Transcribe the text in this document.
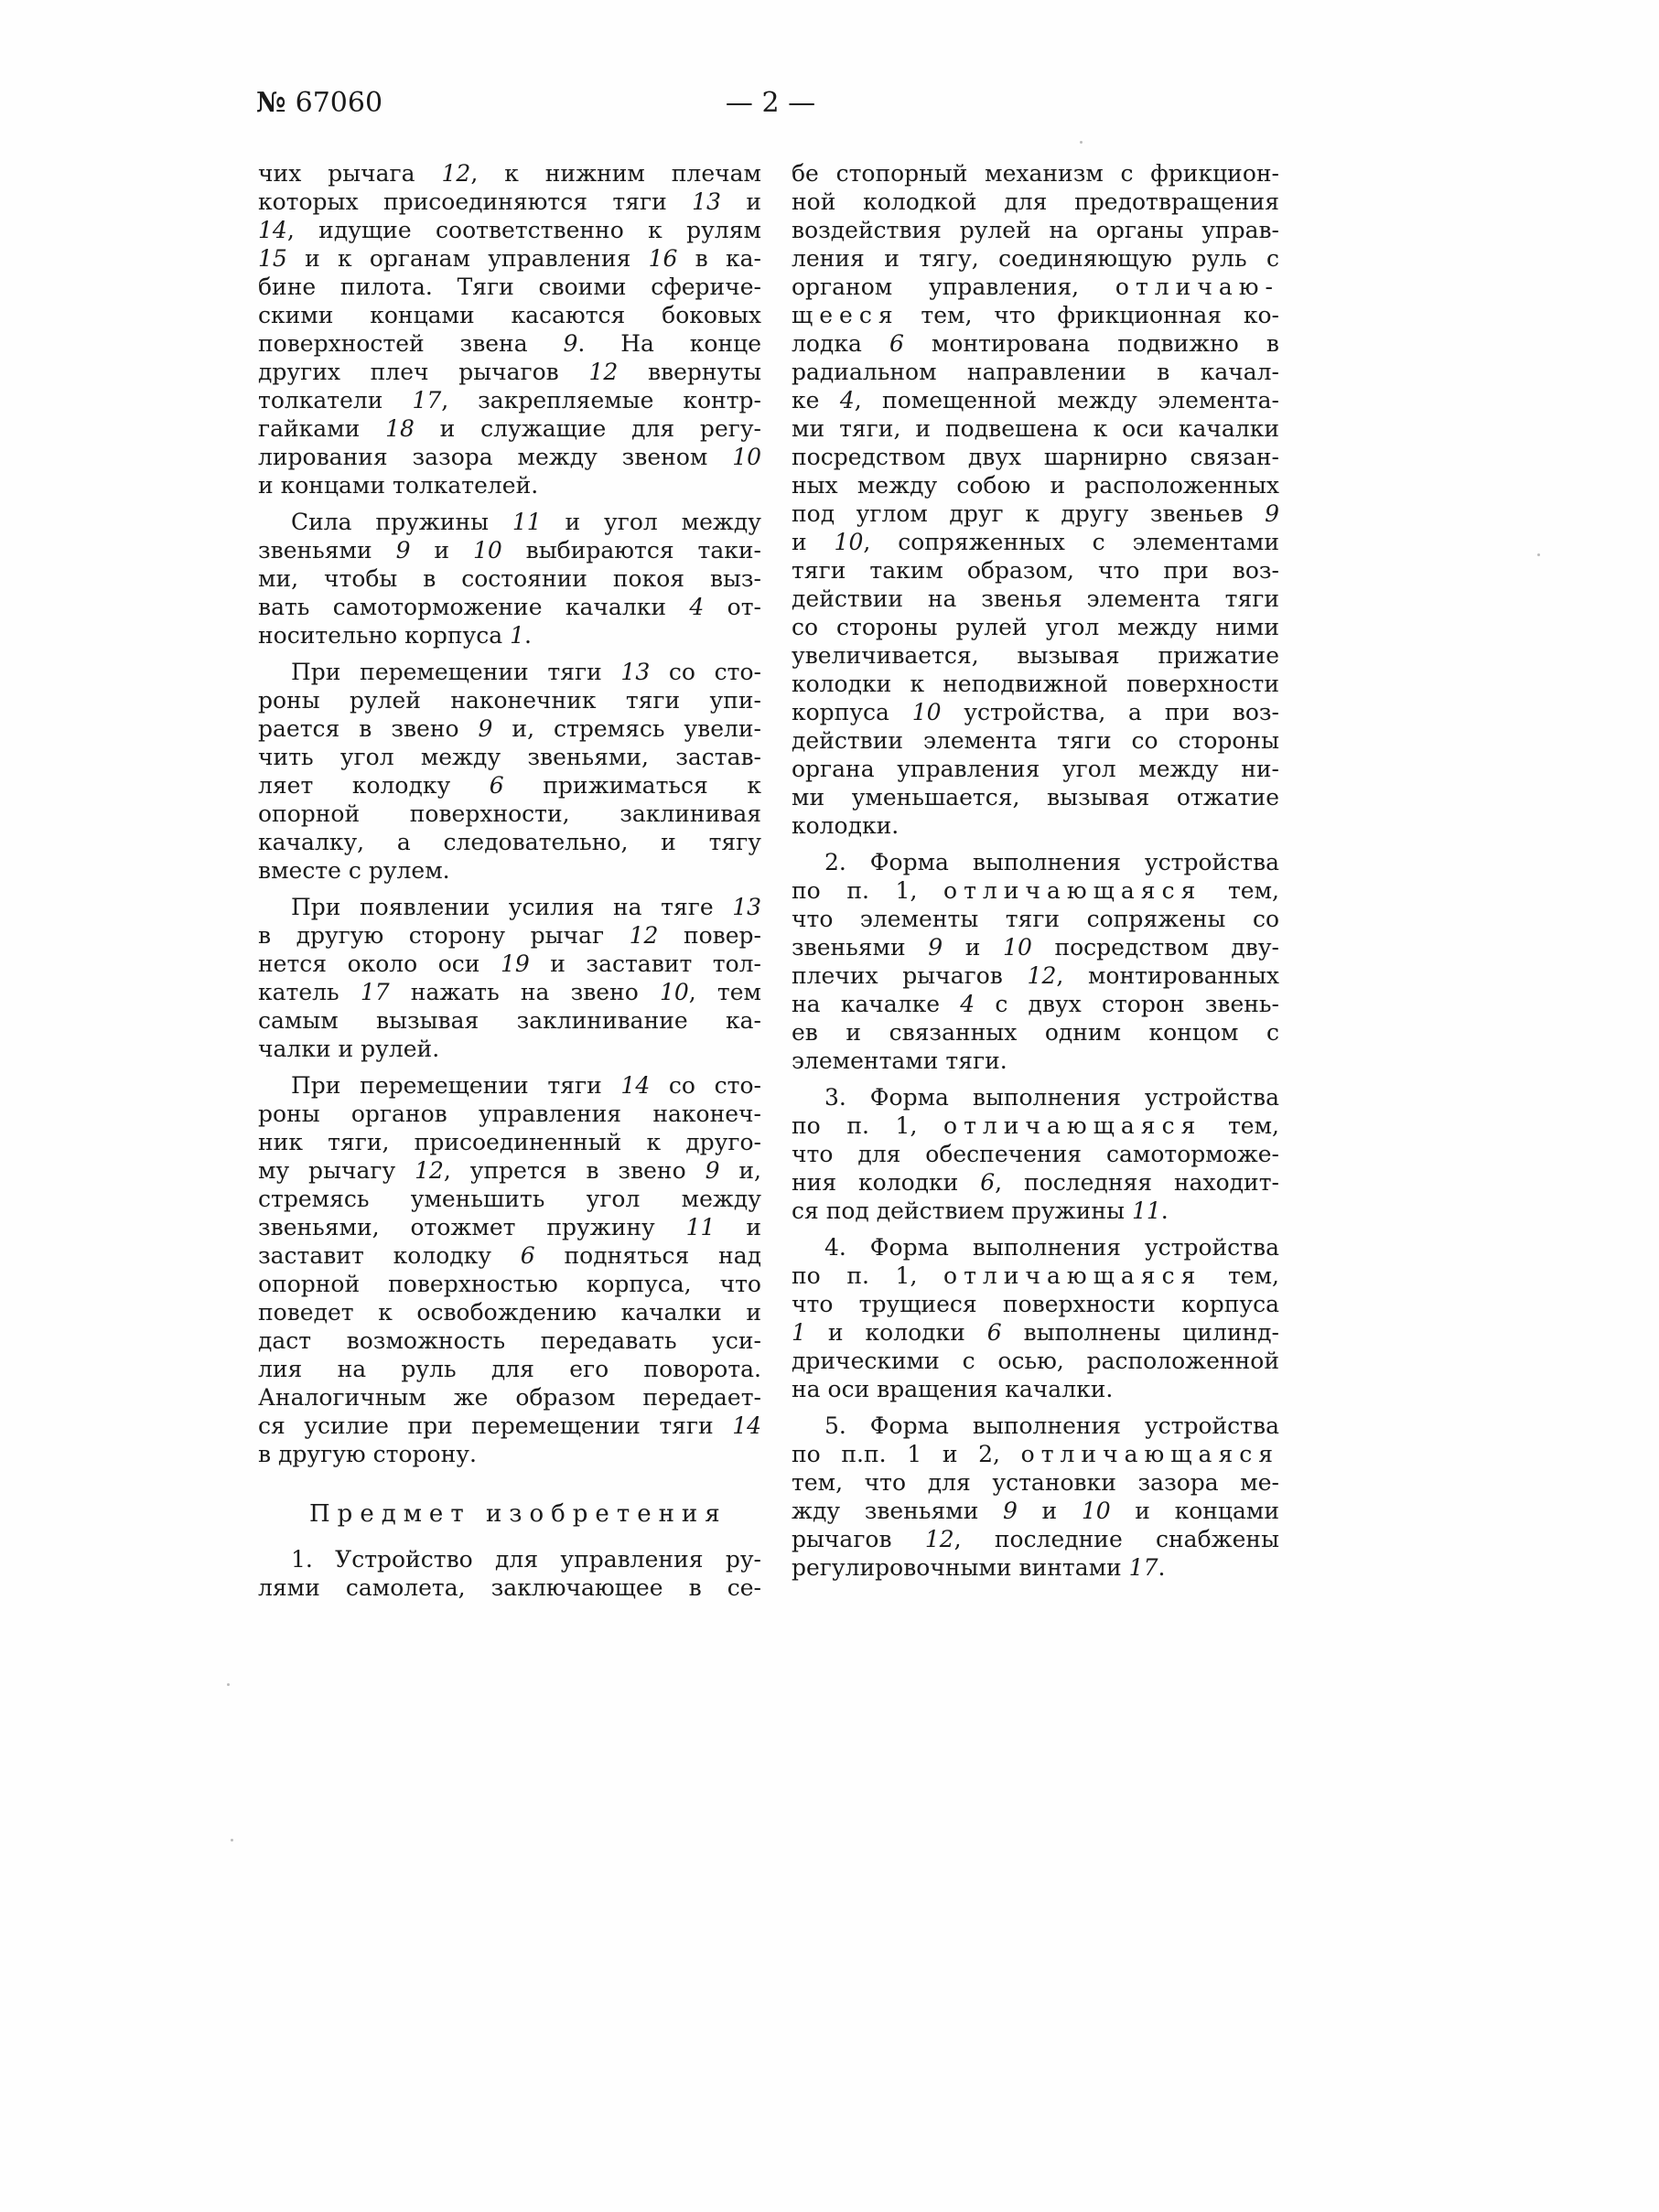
№ 67060	— 2 —
чих рычага 12, к нижним плечам
которых присоединяются тяги 13 и
14, идущие соответственно к рулям
15 и к органам управления 16 в ка-
бине пилота. Тяги своими сфериче-
скими концами касаются боковых
поверхностей звена 9. На конце
других плеч рычагов 12 ввернуты
толкатели 17, закрепляемые контр-
гайками 18 и служащие для регу-
лирования зазора между звеном 10
и концами толкателей.
Сила пружины 11 и угол между
звеньями 9 и 10 выбираются таки-
ми, чтобы в состоянии покоя выз-
вать самоторможение качалки 4 от-
носительно корпуса 1.
При перемещении тяги 13 со сто-
роны рулей наконечник тяги упи-
рается в звено 9 и, стремясь увели-
чить угол между звеньями, застав-
ляет колодку 6 прижиматься к
опорной поверхности, заклинивая
качалку, а следовательно, и тягу
вместе с рулем.
При появлении усилия на тяге 13
в другую сторону рычаг 12 повер-
нется около оси 19 и заставит тол-
катель 17 нажать на звено 10, тем
самым вызывая заклинивание ка-
чалки и рулей.
При перемещении тяги 14 со сто-
роны органов управления наконеч-
ник тяги, присоединенный к друго-
му рычагу 12, упрется в звено 9 и,
стремясь уменьшить угол между
звеньями, отожмет пружину 11 и
заставит колодку 6 подняться над
опорной поверхностью корпуса, что
поведет к освобождению качалки и
даст возможность передавать уси-
лия на руль для его поворота.
Аналогичным же образом передает-
ся усилие при перемещении тяги 14
в другую сторону.
Предмет изобретения
1. Устройство для управления ру-
лями самолета, заключающее в се-
бе стопорный механизм с фрикцион-
ной колодкой для предотвращения
воздействия рулей на органы управ-
ления и тягу, соединяющую руль с
органом управления, отличаю-
щееся тем, что фрикционная ко-
лодка 6 монтирована подвижно в
радиальном направлении в качал-
ке 4, помещенной между элемента-
ми тяги, и подвешена к оси качалки
посредством двух шарнирно связан-
ных между собою и расположенных
под углом друг к другу звеньев 9
и 10, сопряженных с элементами
тяги таким образом, что при воз-
действии на звенья элемента тяги
со стороны рулей угол между ними
увеличивается, вызывая прижатие
колодки к неподвижной поверхности
корпуса 10 устройства, а при воз-
действии элемента тяги со стороны
органа управления угол между ни-
ми уменьшается, вызывая отжатие
колодки.
2. Форма выполнения устройства
по п. 1, отличающаяся тем,
что элементы тяги сопряжены со
звеньями 9 и 10 посредством дву-
плечих рычагов 12, монтированных
на качалке 4 с двух сторон звень-
ев и связанных одним концом с
элементами тяги.
3. Форма выполнения устройства
по п. 1, отличающаяся тем,
что для обеспечения самоторможе-
ния колодки 6, последняя находит-
ся под действием пружины 11.
4. Форма выполнения устройства
по п. 1, отличающаяся тем,
что трущиеся поверхности корпуса
1 и колодки 6 выполнены цилинд-
дрическими с осью, расположенной
на оси вращения качалки.
5. Форма выполнения устройства
по п.п. 1 и 2, отличающаяся
тем, что для установки зазора ме-
жду звеньями 9 и 10 и концами
рычагов 12, последние снабжены
регулировочными винтами 17.
